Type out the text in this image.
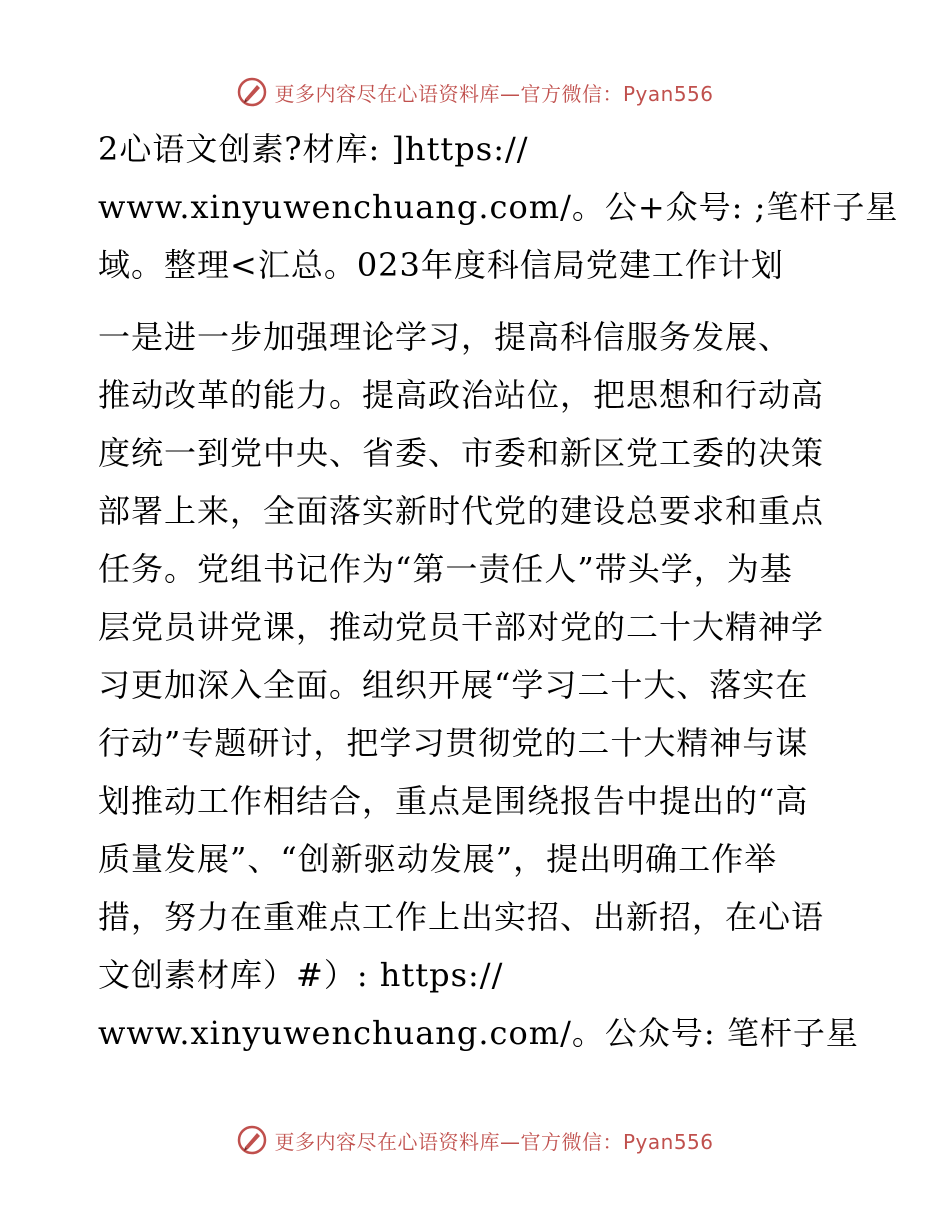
更多内容尽在心语资料库—官方微信：Pyan556
2心语文创素?材库: ]https://
www.xinyuwenchuang.com/。公+众号: ;笔杆子星
域。整理<汇总。023年度科信局党建工作计划
一是进一步加强理论学习，提高科信服务发展、
推动改革的能力。提高政治站位，把思想和行动高
度统一到党中央、省委、市委和新区党工委的决策
部署上来，全面落实新时代党的建设总要求和重点
任务。党组书记作为“第一责任人”带头学，为基
层党员讲党课，推动党员干部对党的二十大精神学
习更加深入全面。组织开展“学习二十大、落实在
行动”专题研讨，把学习贯彻党的二十大精神与谋
划推动工作相结合，重点是围绕报告中提出的“高
质量发展”、“创新驱动发展”，提出明确工作举
措，努力在重难点工作上出实招、出新招，在心语
文创素材库）#）: https://
www.xinyuwenchuang.com/。公众号: 笔杆子星
更多内容尽在心语资料库—官方微信：Pyan556
